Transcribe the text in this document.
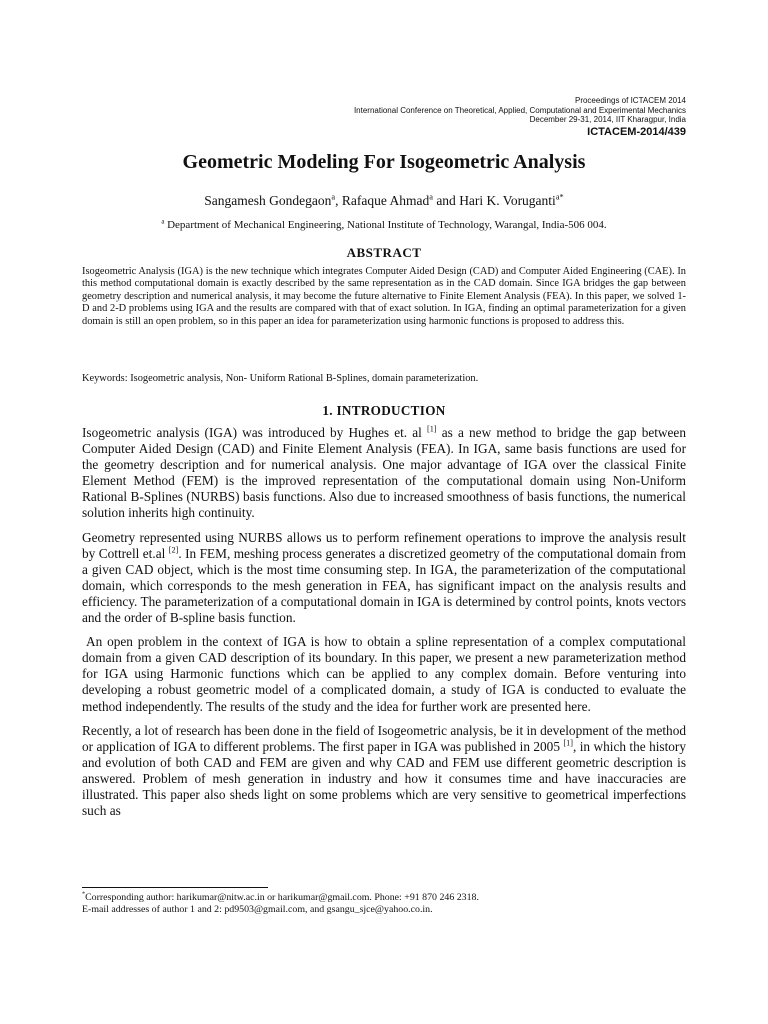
Proceedings of ICTACEM 2014
International Conference on Theoretical, Applied, Computational and Experimental Mechanics
December 29-31, 2014, IIT Kharagpur, India
ICTACEM-2014/439
Geometric Modeling For Isogeometric Analysis
Sangamesh Gondegaon$^a$, Rafaque Ahmad$^a$ and Hari K. Voruganti$^{a*}$
$^a$ Department of Mechanical Engineering, National Institute of Technology, Warangal, India-506 004.
ABSTRACT

Isogeometric Analysis (IGA) is the new technique which integrates Computer Aided Design (CAD) and Computer Aided Engineering (CAE). In this method computational domain is exactly described by the same representation as in the CAD domain. Since IGA bridges the gap between geometry description and numerical analysis, it may become the future alternative to Finite Element Analysis (FEA). In this paper, we solved 1-D and 2-D problems using IGA and the results are compared with that of exact solution. In IGA, finding an optimal parameterization for a given domain is still an open problem, so in this paper an idea for parameterization using harmonic functions is proposed to address this.

Keywords: Isogeometric analysis, Non- Uniform Rational B-Splines, domain parameterization.

1. INTRODUCTION

Isogeometric analysis (IGA) was introduced by Hughes et. al [1] as a new method to bridge the gap between Computer Aided Design (CAD) and Finite Element Analysis (FEA). In IGA, same basis functions are used for the geometry description and for numerical analysis. One major advantage of IGA over the classical Finite Element Method (FEM) is the improved representation of the computational domain using Non-Uniform Rational B-Splines (NURBS) basis functions. Also due to increased smoothness of basis functions, the numerical solution inherits high continuity.

Geometry represented using NURBS allows us to perform refinement operations to improve the analysis result by Cottrell et.al [2]. In FEM, meshing process generates a discretized geometry of the computational domain from a given CAD object, which is the most time consuming step. In IGA, the parameterization of the computational domain, which corresponds to the mesh generation in FEA, has significant impact on the analysis results and efficiency. The parameterization of a computational domain in IGA is determined by control points, knots vectors and the order of B-spline basis function.

An open problem in the context of IGA is how to obtain a spline representation of a complex computational domain from a given CAD description of its boundary. In this paper, we present a new parameterization method for IGA using Harmonic functions which can be applied to any complex domain. Before venturing into developing a robust geometric model of a complicated domain, a study of IGA is conducted to evaluate the method independently. The results of the study and the idea for further work are presented here.

Recently, a lot of research has been done in the field of Isogeometric analysis, be it in development of the method or application of IGA to different problems. The first paper in IGA was published in 2005 [1], in which the history and evolution of both CAD and FEM are given and why CAD and FEM use different geometric description is answered. Problem of mesh generation in industry and how it consumes time and have inaccuracies are illustrated. This paper also sheds light on some problems which are very sensitive to geometrical imperfections such as

*Corresponding author: harikumar@nitw.ac.in or harikumar@gmail.com. Phone: +91 870 246 2318.
E-mail addresses of author 1 and 2: pd9503@gmail.com, and gsangu_sjce@yahoo.co.in.
